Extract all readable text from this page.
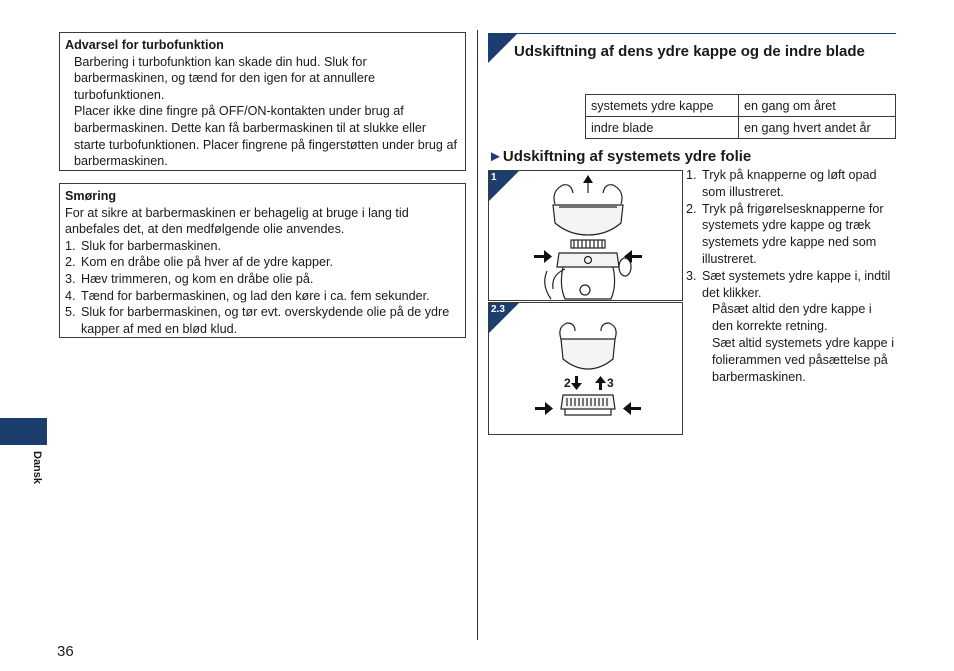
Advarsel for turbofunktion
Barbering i turbofunktion kan skade din hud. Sluk for barbermaskinen, og tænd for den igen for at annullere turbofunktionen.
Placer ikke dine fingre på OFF/ON-kontakten under brug af barbermaskinen. Dette kan få barbermaskinen til at slukke eller starte turbofunktionen. Placer fingrene på fingerstøtten under brug af barbermaskinen.
Smøring
For at sikre at barbermaskinen er behagelig at bruge i lang tid anbefales det, at den medfølgende olie anvendes.
1. Sluk for barbermaskinen.
2. Kom en dråbe olie på hver af de ydre kapper.
3. Hæv trimmeren, og kom en dråbe olie på.
4. Tænd for barbermaskinen, og lad den køre i ca. fem sekunder.
5. Sluk for barbermaskinen, og tør evt. overskydende olie på de ydre kapper af med en blød klud.
Dansk
36
Udskiftning af dens ydre kappe og de indre blade
systemets ydre kappe	en gang om året
indre blade	en gang hvert andet år
►Udskiftning af systemets ydre folie
1
2	3
2.3
1. Tryk på knapperne og løft opad som illustreret.
2. Tryk på frigørelsesknapperne for systemets ydre kappe og træk systemets ydre kappe ned som illustreret.
3. Sæt systemets ydre kappe i, indtil det klikker.
Påsæt altid den ydre kappe i den korrekte retning.
Sæt altid systemets ydre kappe i folierammen ved påsættelse på barbermaskinen.
